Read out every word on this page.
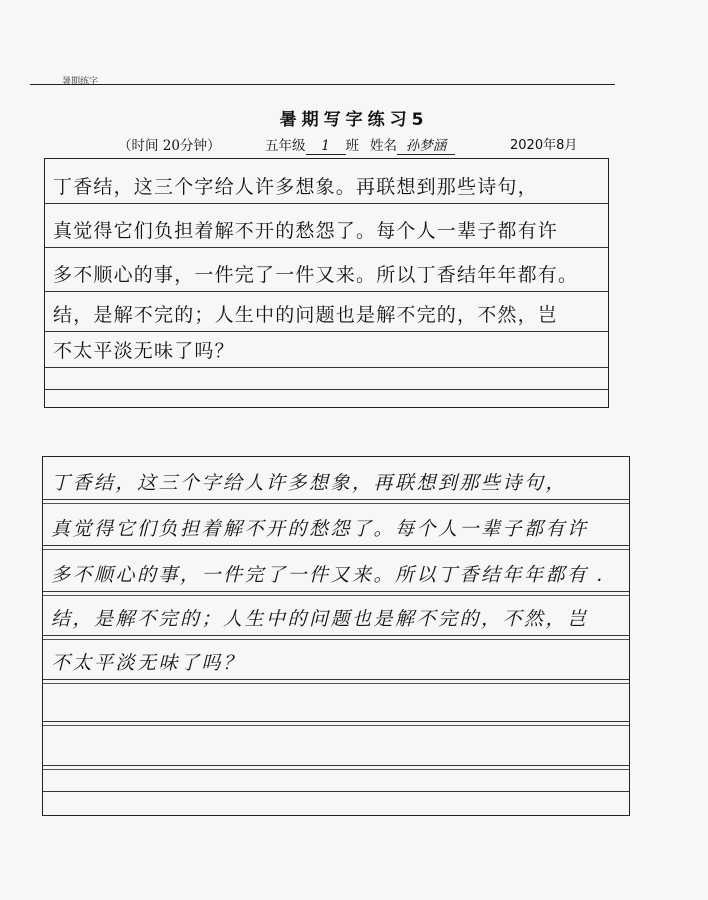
暑期练字
暑期写字练习5
（时间 20分钟）	五年级 1 班 姓名 孙梦涵	2020年8月
丁香结，这三个字给人许多想象。再联想到那些诗句，
真觉得它们负担着解不开的愁怨了。每个人一辈子都有许
多不顺心的事，一件完了一件又来。所以丁香结年年都有。
结，是解不完的；人生中的问题也是解不完的，不然，岂
不太平淡无味了吗？
丁香结，这三个字给人许多想象，再联想到那些诗句，
真觉得它们负担着解不开的愁怨了。每个人一辈子都有许
多不顺心的事，一件完了一件又来。所以丁香结年年都有 .
结，是解不完的；人生中的问题也是解不完的，不然，岂
不太平淡无味了吗？
